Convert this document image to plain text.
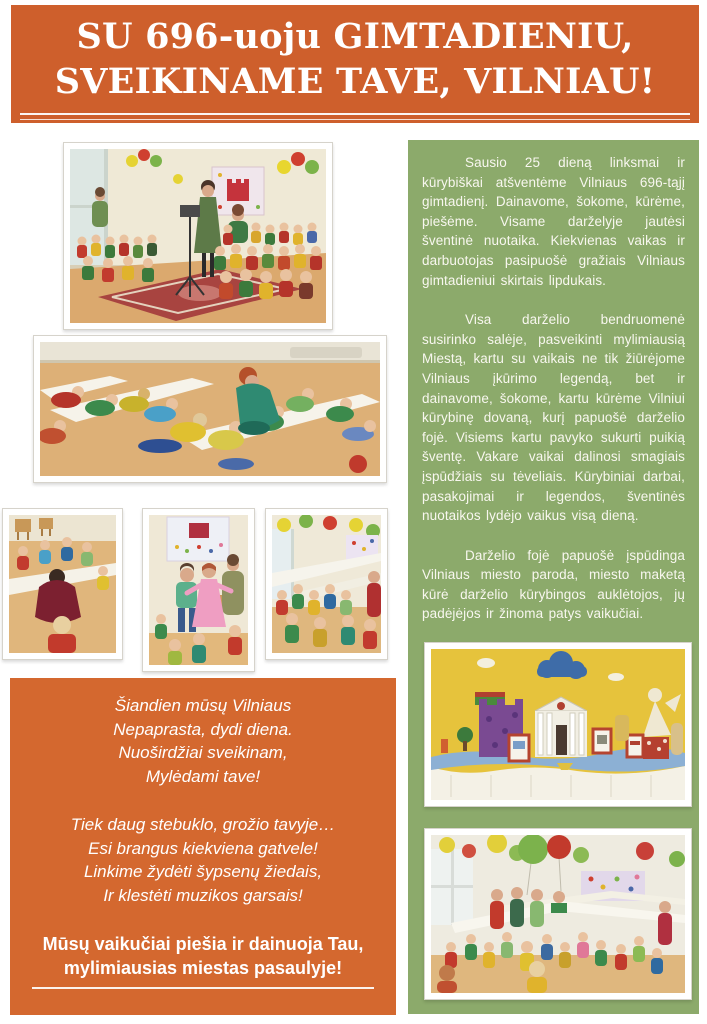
SU 696-uoju GIMTADIENIU,
SVEIKINAME TAVE, VILNIAU!

Sausio 25 dieną linksmai ir kūrybiškai atšventėme Vilniaus 696-tąjį gimtadienį. Dainavome, šokome, kūrėme, piešėme. Visame darželyje jautėsi šventinė nuotaika. Kiekvienas vaikas ir darbuotojas pasipuošė gražiais Vilniaus gimtadieniui skirtais lipdukais.

Visa darželio bendruomenė susirinko salėje, pasveikinti mylimiausią Miestą, kartu su vaikais ne tik žiūrėjome Vilniaus įkūrimo legendą, bet ir dainavome, šokome, kartu kūrėme Vilniui kūrybinę dovaną, kurį papuošė darželio fojė. Visiems kartu pavyko sukurti puikią šventę. Vakare vaikai dalinosi smagiais įspūdžiais su tėveliais. Kūrybiniai darbai, pasakojimai ir legendos, šventinės nuotaikos lydėjo vaikus visą dieną.

Darželio fojė papuošė įspūdinga Vilniaus miesto paroda, miesto maketą kūrė darželio kūrybingos auklėtojos, jų padėjėjos ir žinoma patys vaikučiai.

Šiandien mūsų Vilniaus
Nepaprasta, dydi diena.
Nuoširdžiai sveikinam,
Mylėdami tave!
Tiek daug stebuklo, grožio tavyje…
Esi brangus kiekviena gatvele!
Linkime žydėti šypsenų žiedais,
Ir klestėti muzikos garsais!
Mūsų vaikučiai piešia ir dainuoja Tau,
mylimiausias miestas pasaulyje!
